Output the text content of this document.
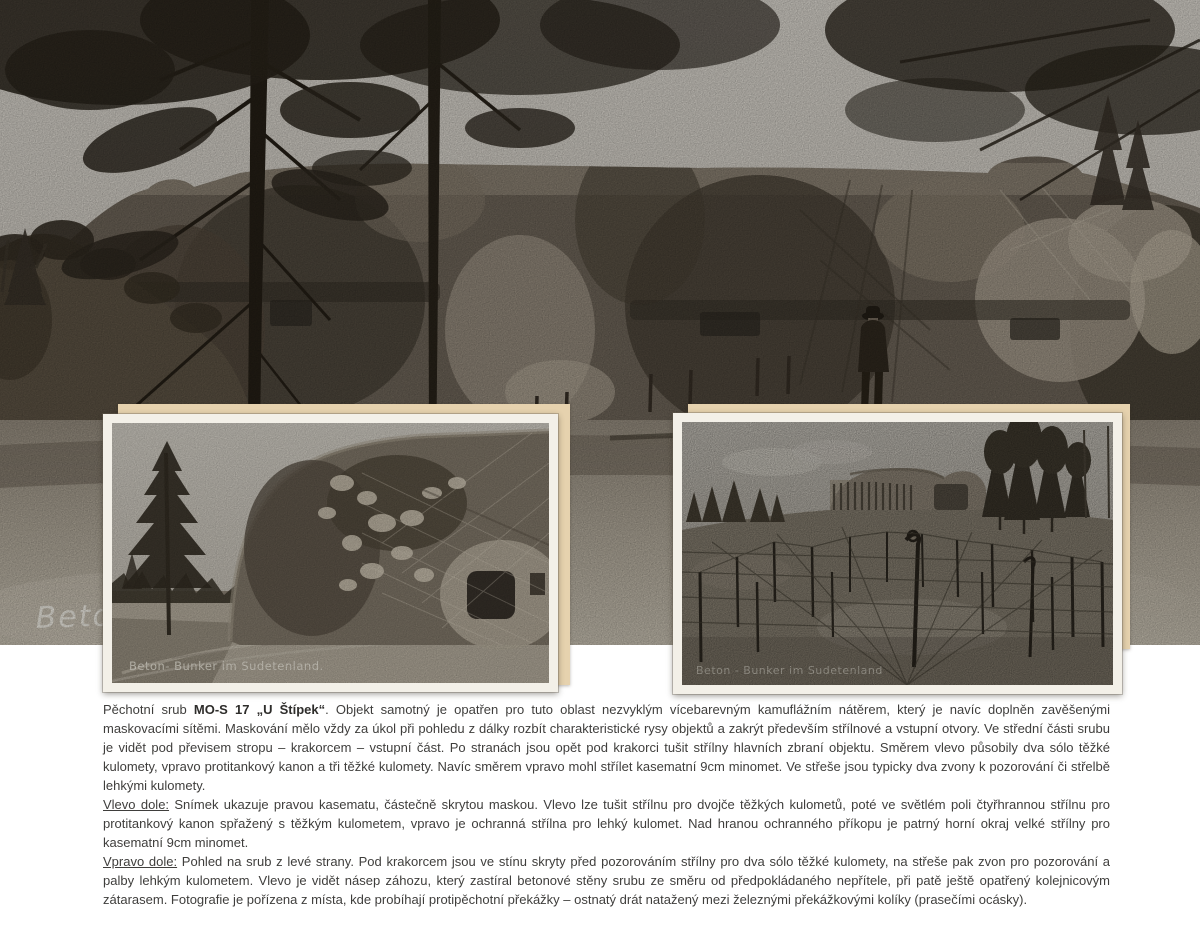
Pěchotní srub MO-S 17 „U Štípek“. Objekt samotný je opatřen pro tuto oblast nezvyklým vícebarevným kamuflážním nátěrem, který je navíc doplněn zavěšenými maskovacími sítěmi. Maskování mělo vždy za úkol při pohledu z dálky rozbít charakteristické rysy objektů a zakrýt především střílnové a vstupní otvory. Ve střední části srubu je vidět pod převisem stropu – krakorcem – vstupní část. Po stranách jsou opět pod krakorci tušit střílny hlavních zbraní objektu. Směrem vlevo působily dva sólo těžké kulomety, vpravo protitankový kanon a tři těžké kulomety. Navíc směrem vpravo mohl střílet kasematní 9cm minomet. Ve střeše jsou typicky dva zvony k pozorování či střelbě lehkými kulomety.

Vlevo dole: Snímek ukazuje pravou kasematu, částečně skrytou maskou. Vlevo lze tušit střílnu pro dvojče těžkých kulometů, poté ve světlém poli čtyřhrannou střílnu pro protitankový kanon spřažený s těžkým kulometem, vpravo je ochranná střílna pro lehký kulomet. Nad hranou ochranného příkopu je patrný horní okraj velké střílny pro kasematní 9cm minomet.

Vpravo dole: Pohled na srub z levé strany. Pod krakorcem jsou ve stínu skryty před pozorováním střílny pro dva sólo těžké kulomety, na střeše pak zvon pro pozorování a palby lehkým kulometem. Vlevo je vidět násep záhozu, který zastíral betonové stěny srubu ze směru od předpokládaného nepřítele, při patě ještě opatřený kolejnicovým zátarasem. Fotografie je pořízena z místa, kde probíhají protipěchotní překážky – ostnatý drát natažený mezi železnými překážkovými kolíky (prasečími ocásky).
